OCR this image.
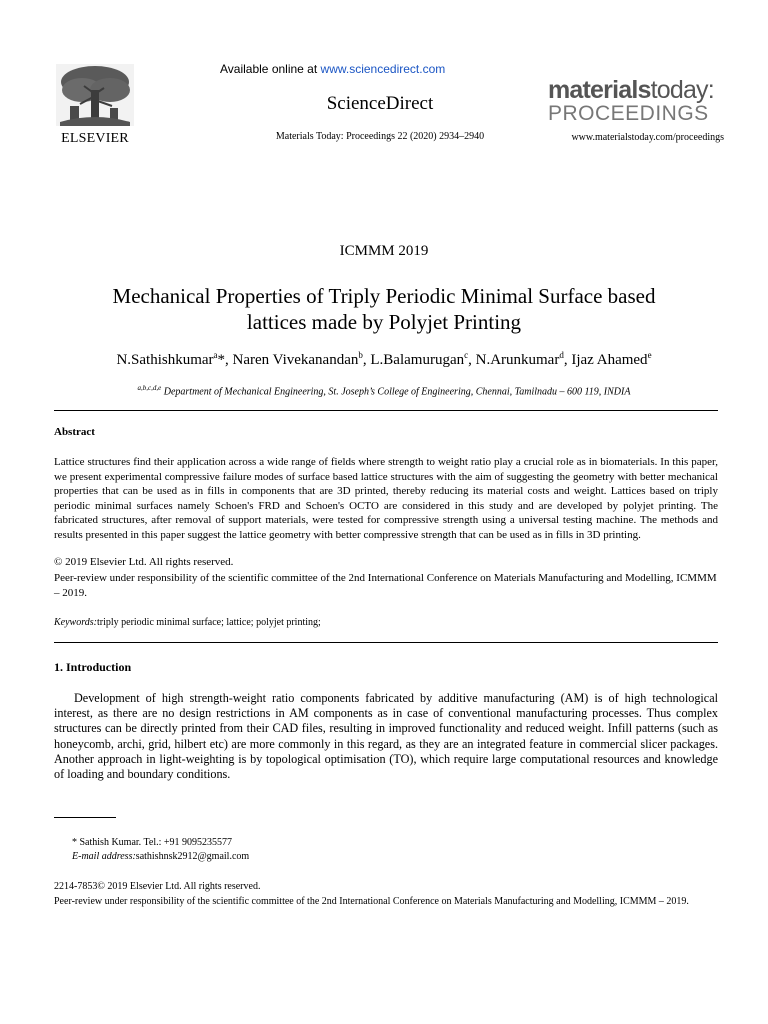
ELSEVIER
Available online at www.sciencedirect.com
ScienceDirect
Materials Today: Proceedings 22 (2020) 2934–2940
materialstoday:
PROCEEDINGS
www.materialstoday.com/proceedings
ICMMM 2019
Mechanical Properties of Triply Periodic Minimal Surface based
lattices made by Polyjet Printing
N.Sathishkumar$^a$*, Naren Vivekanandan$^b$, L.Balamurugan$^c$, N.Arunkumar$^d$, Ijaz Ahamed$^e$
$^{a,b,c,d,e}$ Department of Mechanical Engineering, St. Joseph’s College of Engineering, Chennai, Tamilnadu – 600 119, INDIA
Abstract
Lattice structures find their application across a wide range of fields where strength to weight ratio play a crucial role as in biomaterials. In this paper, we present experimental compressive failure modes of surface based lattice structures with the aim of suggesting the geometry with better mechanical properties that can be used as in fills in components that are 3D printed, thereby reducing its material costs and weight. Lattices based on triply periodic minimal surfaces namely Schoen's FRD and Schoen's OCTO are considered in this study and are developed by polyjet printing. The fabricated structures, after removal of support materials, were tested for compressive strength using a universal testing machine. The methods and results presented in this paper suggest the lattice geometry with better compressive strength that can be used as in fills in 3D printing.
© 2019 Elsevier Ltd. All rights reserved.
Peer-review under responsibility of the scientific committee of the 2nd International Conference on Materials Manufacturing and Modelling, ICMMM – 2019.
Keywords:triply periodic minimal surface; lattice; polyjet printing;
1. Introduction
Development of high strength-weight ratio components fabricated by additive manufacturing (AM) is of high technological interest, as there are no design restrictions in AM components as in case of conventional manufacturing processes. Thus complex structures can be directly printed from their CAD files, resulting in improved functionality and reduced weight. Infill patterns (such as honeycomb, archi, grid, hilbert etc) are more commonly in this regard, as they are an integrated feature in commercial slicer packages. Another approach in light-weighting is by topological optimisation (TO), which require large computational resources and knowledge of loading and boundary conditions.
* Sathish Kumar. Tel.: +91 9095235577
E-mail address:sathishnsk2912@gmail.com
2214-7853© 2019 Elsevier Ltd. All rights reserved.
Peer-review under responsibility of the scientific committee of the 2nd International Conference on Materials Manufacturing and Modelling, ICMMM – 2019.
